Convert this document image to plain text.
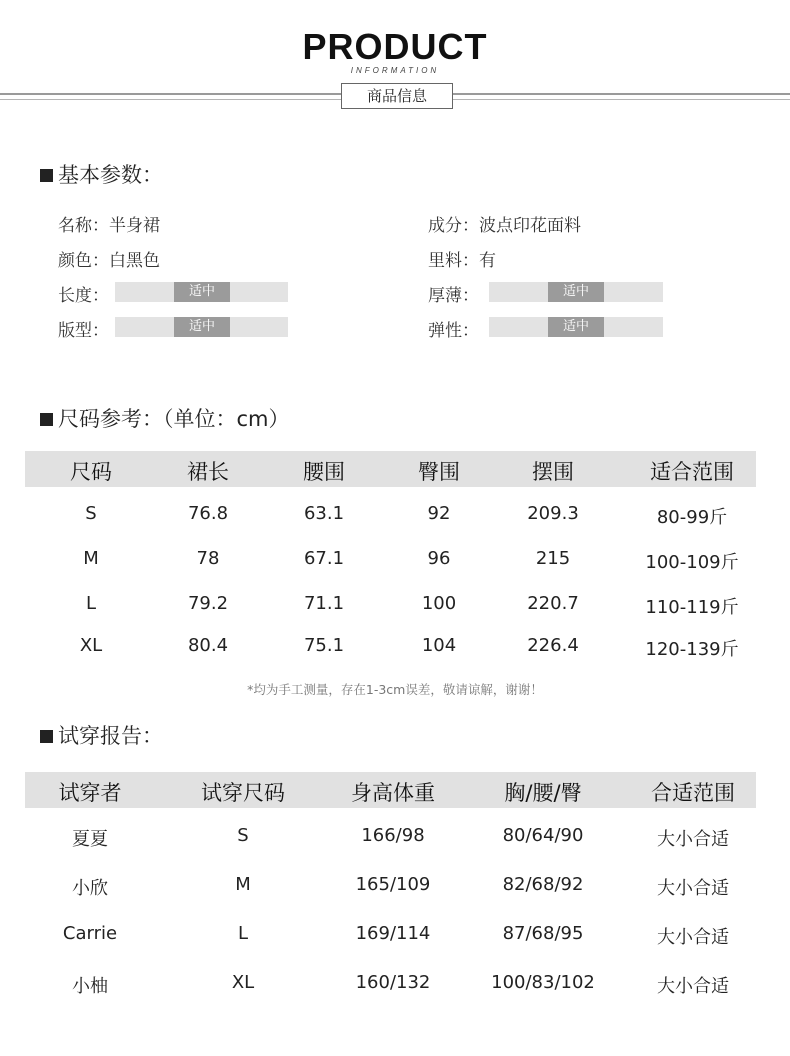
PRODUCT
INFORMATION
商品信息
基本参数：
名称：半身裙
颜色：白黑色
长度：	适中
版型：	适中
成分：波点印花面料
里料：有
厚薄：	适中
弹性：	适中
尺码参考：（单位：cm）
尺码	裙长	腰围	臀围	摆围	适合范围
S	76.8	63.1	92	209.3	80-99斤
M	78	67.1	96	215	100-109斤
L	79.2	71.1	100	220.7	110-119斤
XL	80.4	75.1	104	226.4	120-139斤
*均为手工测量，存在1-3cm误差，敬请谅解，谢谢！
试穿报告：
试穿者	试穿尺码	身高体重	胸/腰/臀	合适范围
夏夏	S	166/98	80/64/90	大小合适
小欣	M	165/109	82/68/92	大小合适
Carrie	L	169/114	87/68/95	大小合适
小柚	XL	160/132	100/83/102	大小合适
